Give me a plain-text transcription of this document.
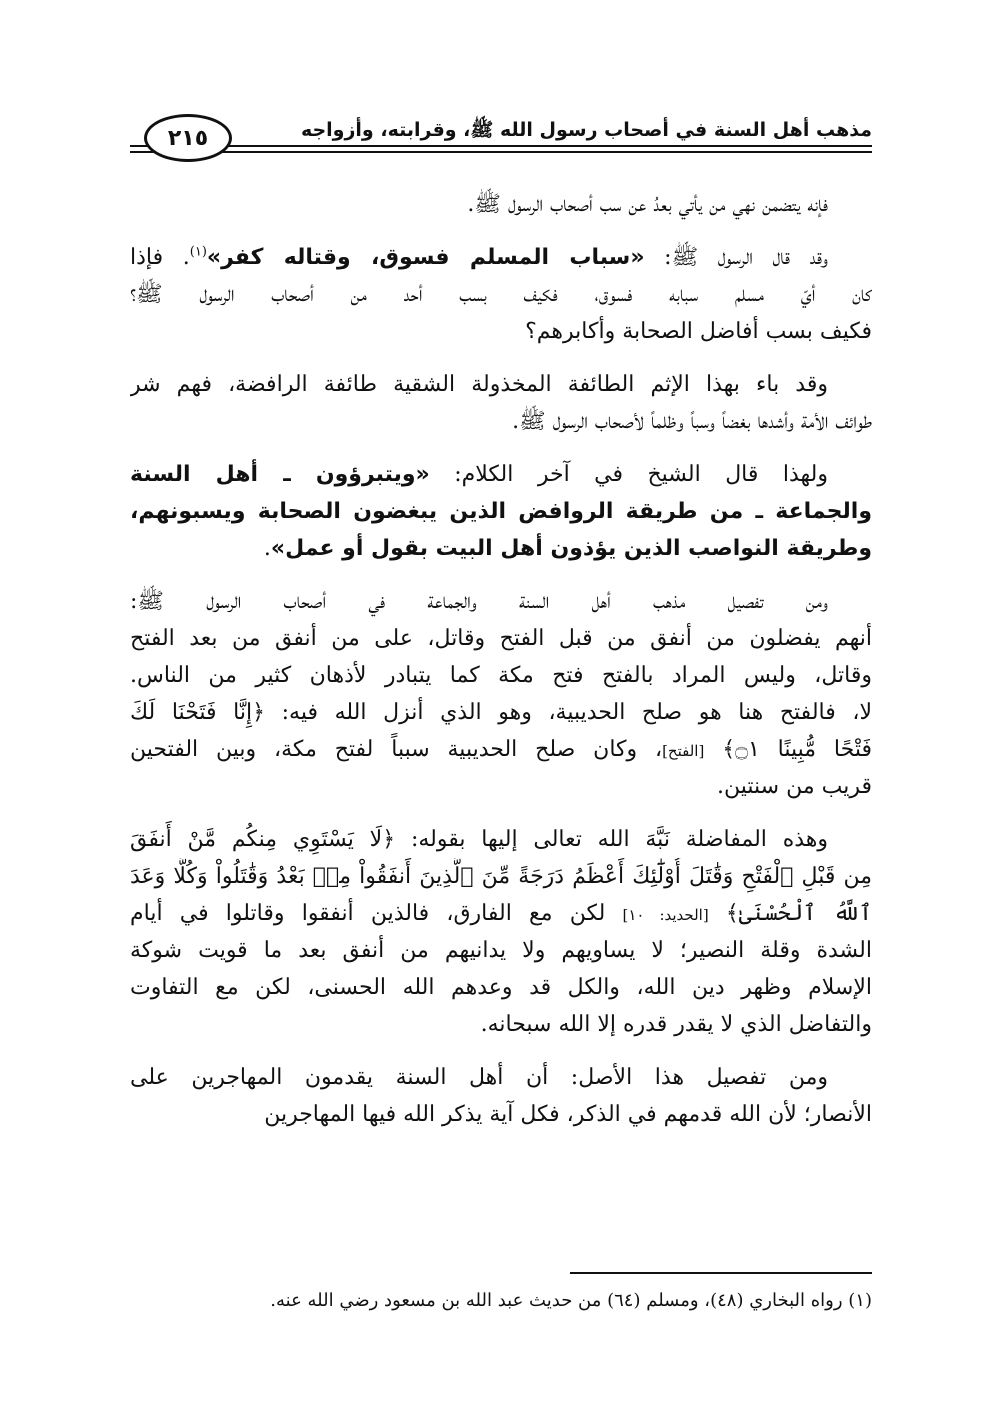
مذهب أهل السنة في أصحاب رسول الله ﷺ، وقرابته، وأزواجه
٢١٥
فإنه يتضمن نهي من يأتي بعدُ عن سب أصحاب الرسول ﷺ.
وقد قال الرسول ﷺ: «سباب المسلم فسوق، وقتاله كفر»$^{(١)}$. فإذا
كان أيّ مسلم سبابه فسوق، فكيف بسب أحد من أصحاب الرسول ﷺ؟
فكيف بسب أفاضل الصحابة وأكابرهم؟
وقد باء بهذا الإثم الطائفة المخذولة الشقية طائفة الرافضة، فهم شر
طوائف الأمة وأشدها بغضاً وسباً وظلماً لأصحاب الرسول ﷺ.
ولهذا قال الشيخ في آخر الكلام: «ويتبرؤون ـ أهل السنة
والجماعة ـ من طريقة الروافض الذين يبغضون الصحابة ويسبونهم،
وطريقة النواصب الذين يؤذون أهل البيت بقول أو عمل».
ومن تفصيل مذهب أهل السنة والجماعة في أصحاب الرسول ﷺ:
أنهم يفضلون من أنفق من قبل الفتح وقاتل، على من أنفق من بعد الفتح
وقاتل، وليس المراد بالفتح فتح مكة كما يتبادر لأذهان كثير من الناس.
لا، فالفتح هنا هو صلح الحديبية، وهو الذي أنزل الله فيه: ﴿إِنَّا فَتَحْنَا لَكَ
فَتْحًا مُّبِينًا ۝١﴾ [الفتح]، وكان صلح الحديبية سبباً لفتح مكة، وبين الفتحين
قريب من سنتين.
وهذه المفاضلة نَبَّهَ الله تعالى إليها بقوله: ﴿لَا يَسْتَوِي مِنكُم مَّنْ أَنفَقَ
مِن قَبْلِ ٱلْفَتْحِ وَقَٰتَلَ أُوْلَٰٓئِكَ أَعْظَمُ دَرَجَةً مِّنَ ٱلَّذِينَ أَنفَقُواْ مِنۢ بَعْدُ وَقَٰتَلُواْ وَكُلًّا وَعَدَ
ٱللَّهُ ٱلْحُسْنَىٰ﴾ [الحديد: ١٠] لكن مع الفارق، فالذين أنفقوا وقاتلوا في أيام
الشدة وقلة النصير؛ لا يساويهم ولا يدانيهم من أنفق بعد ما قويت شوكة
الإسلام وظهر دين الله، والكل قد وعدهم الله الحسنى، لكن مع التفاوت
والتفاضل الذي لا يقدر قدره إلا الله سبحانه.
ومن تفصيل هذا الأصل: أن أهل السنة يقدمون المهاجرين على
الأنصار؛ لأن الله قدمهم في الذكر، فكل آية يذكر الله فيها المهاجرين
(١) رواه البخاري (٤٨)، ومسلم (٦٤) من حديث عبد الله بن مسعود رضي الله عنه.
